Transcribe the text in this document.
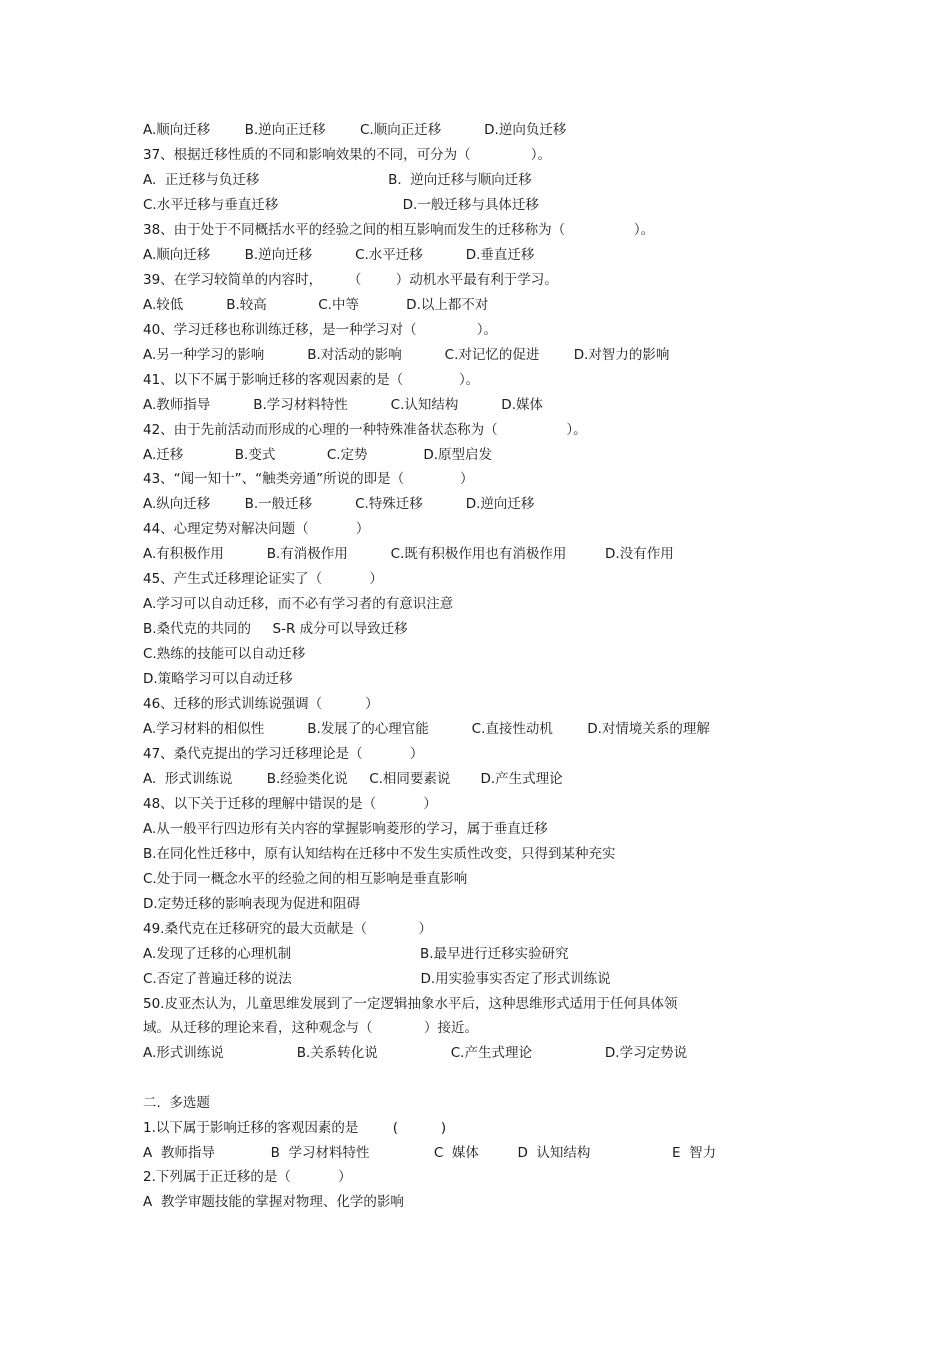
A.顺向迁移        B.逆向正迁移        C.顺向正迁移          D.逆向负迁移
37、根据迁移性质的不同和影响效果的不同，可分为（              ）。
A.  正迁移与负迁移                              B.  逆向迁移与顺向迁移
C.水平迁移与垂直迁移                             D.一般迁移与具体迁移
38、由于处于不同概括水平的经验之间的相互影响而发生的迁移称为（                ）。
A.顺向迁移        B.逆向迁移          C.水平迁移          D.垂直迁移
39、在学习较简单的内容时，      （        ）动机水平最有利于学习。
A.较低          B.较高            C.中等           D.以上都不对
40、学习迁移也称训练迁移，是一种学习对（              ）。
A.另一种学习的影响          B.对活动的影响          C.对记忆的促进        D.对智力的影响
41、以下不属于影响迁移的客观因素的是（             ）。
A.教师指导          B.学习材料特性          C.认知结构          D.媒体
42、由于先前活动而形成的心理的一种特殊准备状态称为（                ）。
A.迁移            B.变式            C.定势             D.原型启发
43、“闻一知十”、“触类旁通”所说的即是（             ）
A.纵向迁移        B.一般迁移          C.特殊迁移          D.逆向迁移
44、心理定势对解决问题（           ）
A.有积极作用          B.有消极作用          C.既有积极作用也有消极作用         D.没有作用
45、产生式迁移理论证实了（           ）
A.学习可以自动迁移，而不必有学习者的有意识注意
B.桑代克的共同的     S-R 成分可以导致迁移
C.熟练的技能可以自动迁移
D.策略学习可以自动迁移
46、迁移的形式训练说强调（          ）
A.学习材料的相似性          B.发展了的心理官能          C.直接性动机        D.对情境关系的理解
47、桑代克提出的学习迁移理论是（           ）
A.  形式训练说        B.经验类化说     C.相同要素说       D.产生式理论
48、以下关于迁移的理解中错误的是（           ）
A.从一般平行四边形有关内容的掌握影响菱形的学习，属于垂直迁移
B.在同化性迁移中，原有认知结构在迁移中不发生实质性改变，只得到某种充实
C.处于同一概念水平的经验之间的相互影响是垂直影响
D.定势迁移的影响表现为促进和阻碍
49.桑代克在迁移研究的最大贡献是（            ）
A.发现了迁移的心理机制                              B.最早进行迁移实验研究
C.否定了普遍迁移的说法                              D.用实验事实否定了形式训练说
50.皮亚杰认为，儿童思维发展到了一定逻辑抽象水平后，这种思维形式适用于任何具体领
域。从迁移的理论来看，这种观念与（            ）接近。
A.形式训练说                 B.关系转化说                 C.产生式理论                 D.学习定势说
二.  多选题
1.以下属于影响迁移的客观因素的是        (          )
A  教师指导             B  学习材料特性               C  媒体         D  认知结构                   E  智力
2.下列属于正迁移的是（           ）
A  教学审题技能的掌握对物理、化学的影响
